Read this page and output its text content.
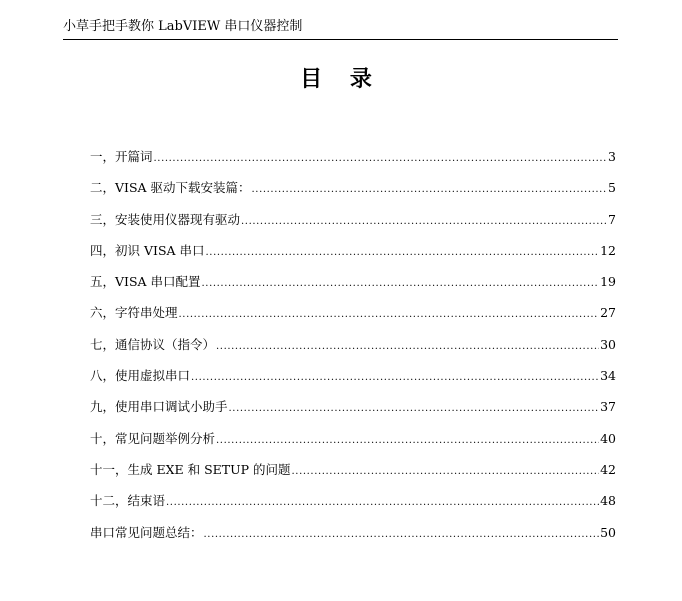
小草手把手教你 LabVIEW 串口仪器控制
目 录
一，开篇词 .....	3
二，VISA 驱动下载安装篇： .....	5
三，安装使用仪器现有驱动 .....	7
四，初识 VISA 串口 .....	12
五，VISA 串口配置 .....	19
六，字符串处理 .....	27
七，通信协议（指令） .....	30
八，使用虚拟串口 .....	34
九，使用串口调试小助手 .....	37
十，常见问题举例分析 .....	40
十一，生成 EXE 和 SETUP 的问题 .....	42
十二，结束语 .....	48
串口常见问题总结： .....	50
